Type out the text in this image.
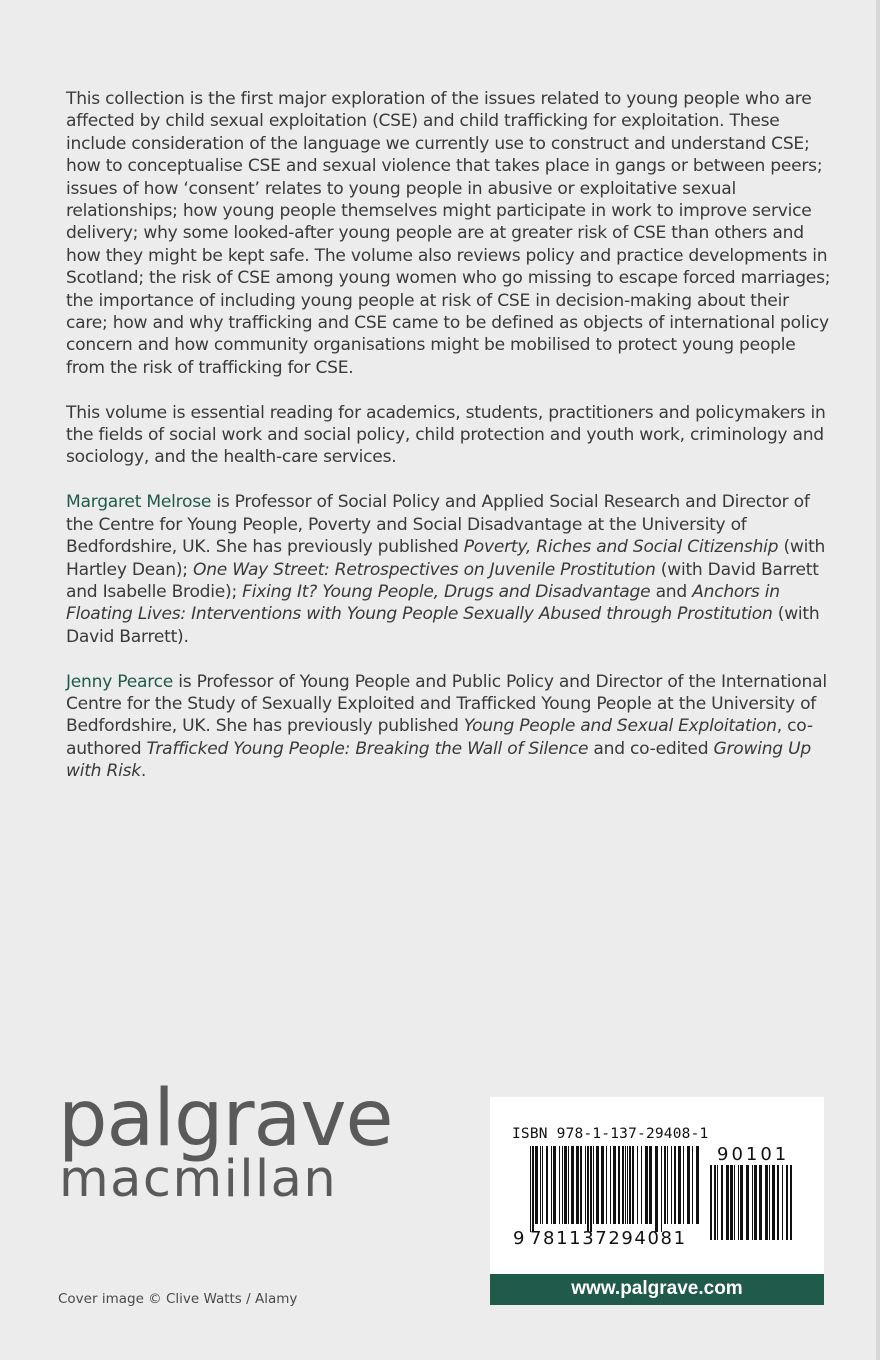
This collection is the first major exploration of the issues related to young people who are affected by child sexual exploitation (CSE) and child trafficking for exploitation. These include consideration of the language we currently use to construct and understand CSE; how to conceptualise CSE and sexual violence that takes place in gangs or between peers; issues of how ‘consent’ relates to young people in abusive or exploitative sexual relationships; how young people themselves might participate in work to improve service delivery; why some looked-after young people are at greater risk of CSE than others and how they might be kept safe. The volume also reviews policy and practice developments in Scotland; the risk of CSE among young women who go missing to escape forced marriages; the importance of including young people at risk of CSE in decision-making about their care; how and why trafficking and CSE came to be defined as objects of international policy concern and how community organisations might be mobilised to protect young people from the risk of trafficking for CSE.

This volume is essential reading for academics, students, practitioners and policymakers in the fields of social work and social policy, child protection and youth work, criminology and sociology, and the health-care services.

Margaret Melrose is Professor of Social Policy and Applied Social Research and Director of the Centre for Young People, Poverty and Social Disadvantage at the University of Bedfordshire, UK. She has previously published Poverty, Riches and Social Citizenship (with Hartley Dean); One Way Street: Retrospectives on Juvenile Prostitution (with David Barrett and Isabelle Brodie); Fixing It? Young People, Drugs and Disadvantage and Anchors in Floating Lives: Interventions with Young People Sexually Abused through Prostitution (with David Barrett).

Jenny Pearce is Professor of Young People and Public Policy and Director of the International Centre for the Study of Sexually Exploited and Trafficked Young People at the University of Bedfordshire, UK. She has previously published Young People and Sexual Exploitation, co-authored Trafficked Young People: Breaking the Wall of Silence and co-edited Growing Up with Risk.

palgrave
macmillan
Cover image © Clive Watts / Alamy
ISBN 978-1-137-29408-1
9 781137294081
90101
www.palgrave.com
